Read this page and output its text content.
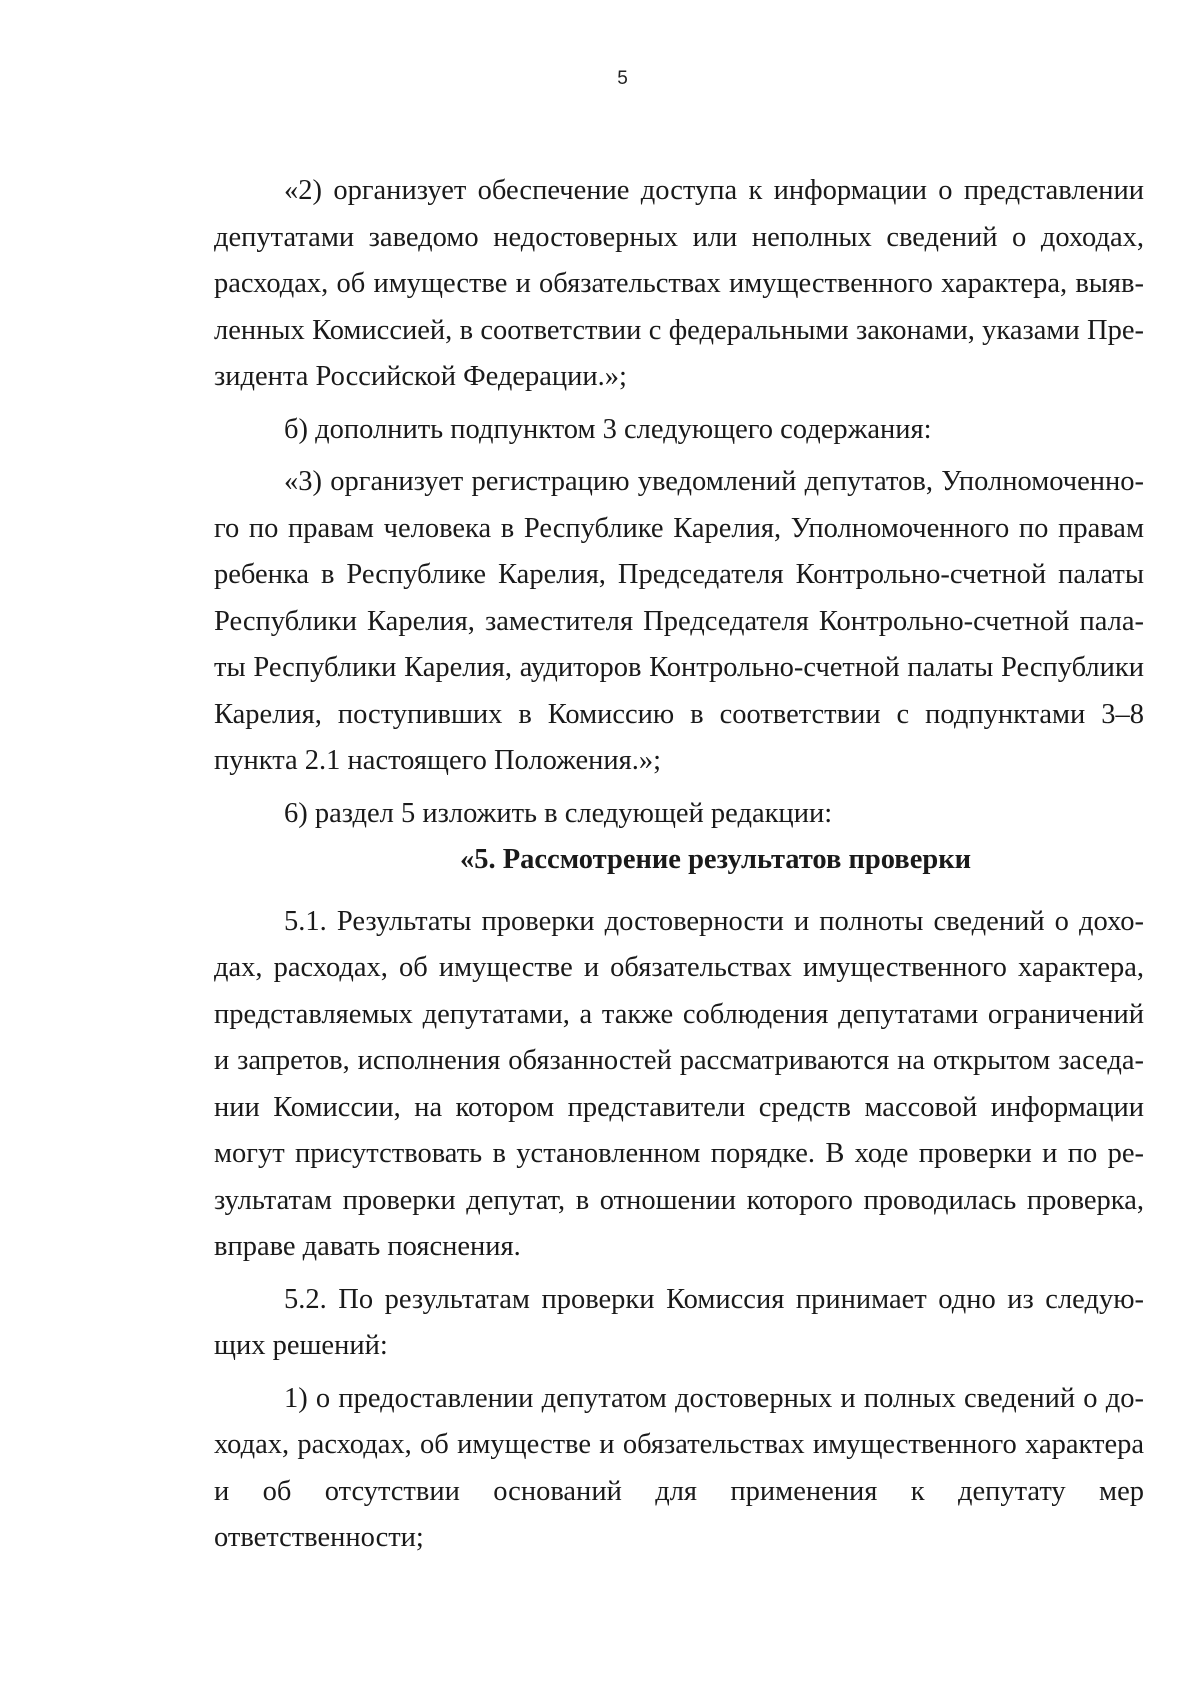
5

«2) организует обеспечение доступа к информации о представлении депутатами заведомо недостоверных или неполных сведений о доходах, расходах, об имуществе и обязательствах имущественного характера, выявленных Комиссией, в соответствии с федеральными законами, указами Президента Российской Федерации.»;

б) дополнить подпунктом 3 следующего содержания:

«3) организует регистрацию уведомлений депутатов, Уполномоченного по правам человека в Республике Карелия, Уполномоченного по правам ребенка в Республике Карелия, Председателя Контрольно-счетной палаты Республики Карелия, заместителя Председателя Контрольно-счетной палаты Республики Карелия, аудиторов Контрольно-счетной палаты Республики Карелия, поступивших в Комиссию в соответствии с подпунктами 3–8 пункта 2.1 настоящего Положения.»;

6) раздел 5 изложить в следующей редакции:

«5. Рассмотрение результатов проверки

5.1. Результаты проверки достоверности и полноты сведений о доходах, расходах, об имуществе и обязательствах имущественного характера, представляемых депутатами, а также соблюдения депутатами ограничений и запретов, исполнения обязанностей рассматриваются на открытом заседании Комиссии, на котором представители средств массовой информации могут присутствовать в установленном порядке. В ходе проверки и по результатам проверки депутат, в отношении которого проводилась проверка, вправе давать пояснения.

5.2. По результатам проверки Комиссия принимает одно из следующих решений:

1) о предоставлении депутатом достоверных и полных сведений о доходах, расходах, об имуществе и обязательствах имущественного характера и об отсутствии оснований для применения к депутату мер ответственности;
